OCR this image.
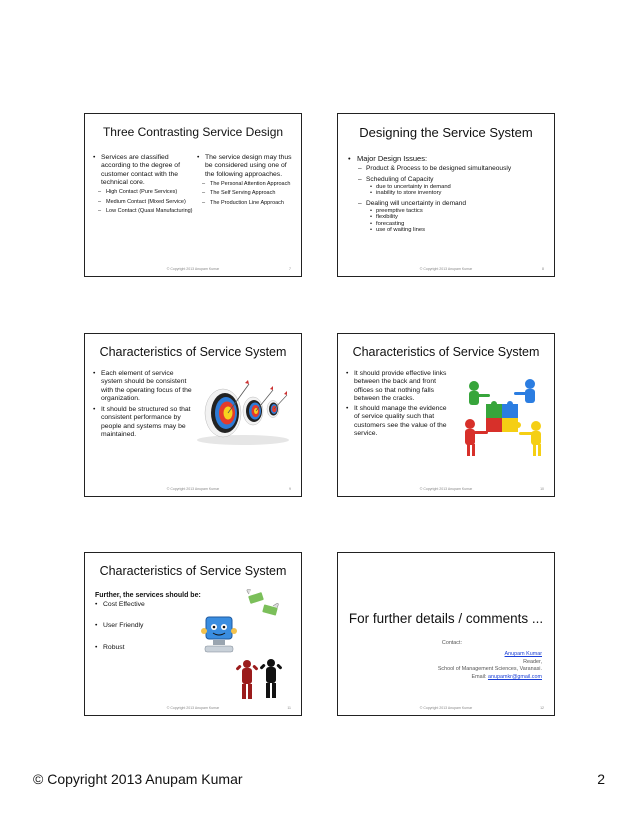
Three Contrasting Service Design
• Services are classified according to the degree of customer contact with the technical core.
– High Contact (Pure Services)
– Medium Contact (Mixed Service)
– Low Contact (Quasi Manufacturing)
• The service design may thus be considered using one of the following approaches.
– The Personal Attention Approach
– The Self Serving Approach
– The Production Line Approach
© Copyright 2013 Anupam Kumar	7
Designing the Service System
• Major Design Issues:
– Product & Process to be designed simultaneously
– Scheduling of Capacity
• due to uncertainty in demand
• inability to store inventory
– Dealing will uncertainty in demand
• preemptive tactics
• flexibility
• forecasting
• use of waiting lines
© Copyright 2013 Anupam Kumar	8
Characteristics of Service System
• Each element of service system should be consistent with the operating focus of the organization.
• It should be structured so that consistent performance by people and systems may be maintained.
© Copyright 2013 Anupam Kumar	9
Characteristics of Service System
• It should provide effective links between the back and front offices so that nothing falls between the cracks.
• It should manage the evidence of service quality such that customers see the value of the service.
© Copyright 2013 Anupam Kumar	10
Characteristics of Service System
Further, the services should be:
• Cost Effective
• User Friendly
• Robust
© Copyright 2013 Anupam Kumar	11
For further details / comments ...
Contact:
Anupam Kumar
Reader,
School of Management Sciences, Varanasi.
Email: anupamkr@gmail.com
© Copyright 2013 Anupam Kumar	12
© Copyright 2013 Anupam Kumar	2
